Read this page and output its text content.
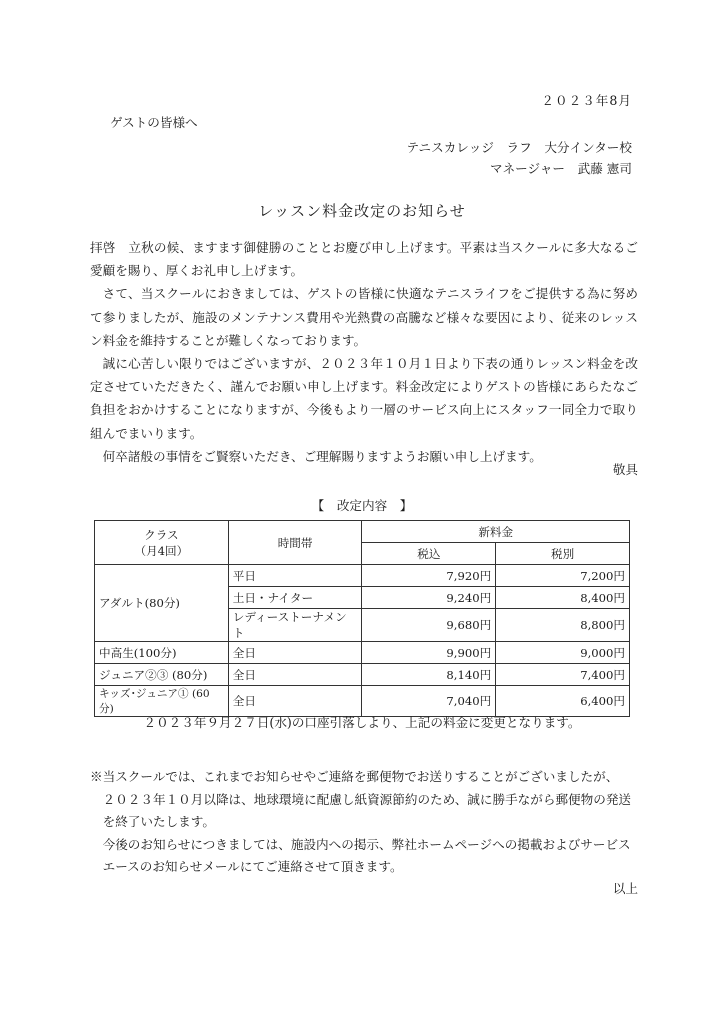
２０２３年8月
ゲストの皆様へ
テニスカレッジ　ラフ　大分インター校
マネージャー　武藤 憲司
レッスン料金改定のお知らせ

拝啓　立秋の候、ますます御健勝のこととお慶び申し上げます。平素は当スクールに多大なるご愛顧を賜り、厚くお礼申し上げます。

さて、当スクールにおきましては、ゲストの皆様に快適なテニスライフをご提供する為に努めて参りましたが、施設のメンテナンス費用や光熱費の高騰など様々な要因により、従来のレッスン料金を維持することが難しくなっております。

誠に心苦しい限りではございますが、２０２３年１０月１日より下表の通りレッスン料金を改定させていただきたく、謹んでお願い申し上げます。料金改定によりゲストの皆様にあらたなご負担をおかけすることになりますが、今後もより一層のサービス向上にスタッフ一同全力で取り組んでまいります。

何卒諸般の事情をご賢察いただき、ご理解賜りますようお願い申し上げます。

敬具
【　改定内容　】
クラス
（月4回）	時間帯	新料金	
		税込	税別
アダルト(80分)	平日	7,920円	7,200円
	土日・ナイター	9,240円	8,400円
	レディーストーナメント	9,680円	8,800円
中高生(100分)	全日	9,900円	9,000円
ジュニア②③ (80分)	全日	8,140円	7,400円
キッズ･ジュニア① (60分)	全日	7,040円	6,400円
２０２３年９月２７日(水)の口座引落しより、上記の料金に変更となります。

※当スクールでは、これまでお知らせやご連絡を郵便物でお送りすることがございましたが、

２０２３年１０月以降は、地球環境に配慮し紙資源節約のため、誠に勝手ながら郵便物の発送

を終了いたします。

今後のお知らせにつきましては、施設内への掲示、弊社ホームページへの掲載およびサービス

エースのお知らせメールにてご連絡させて頂きます。

以上
